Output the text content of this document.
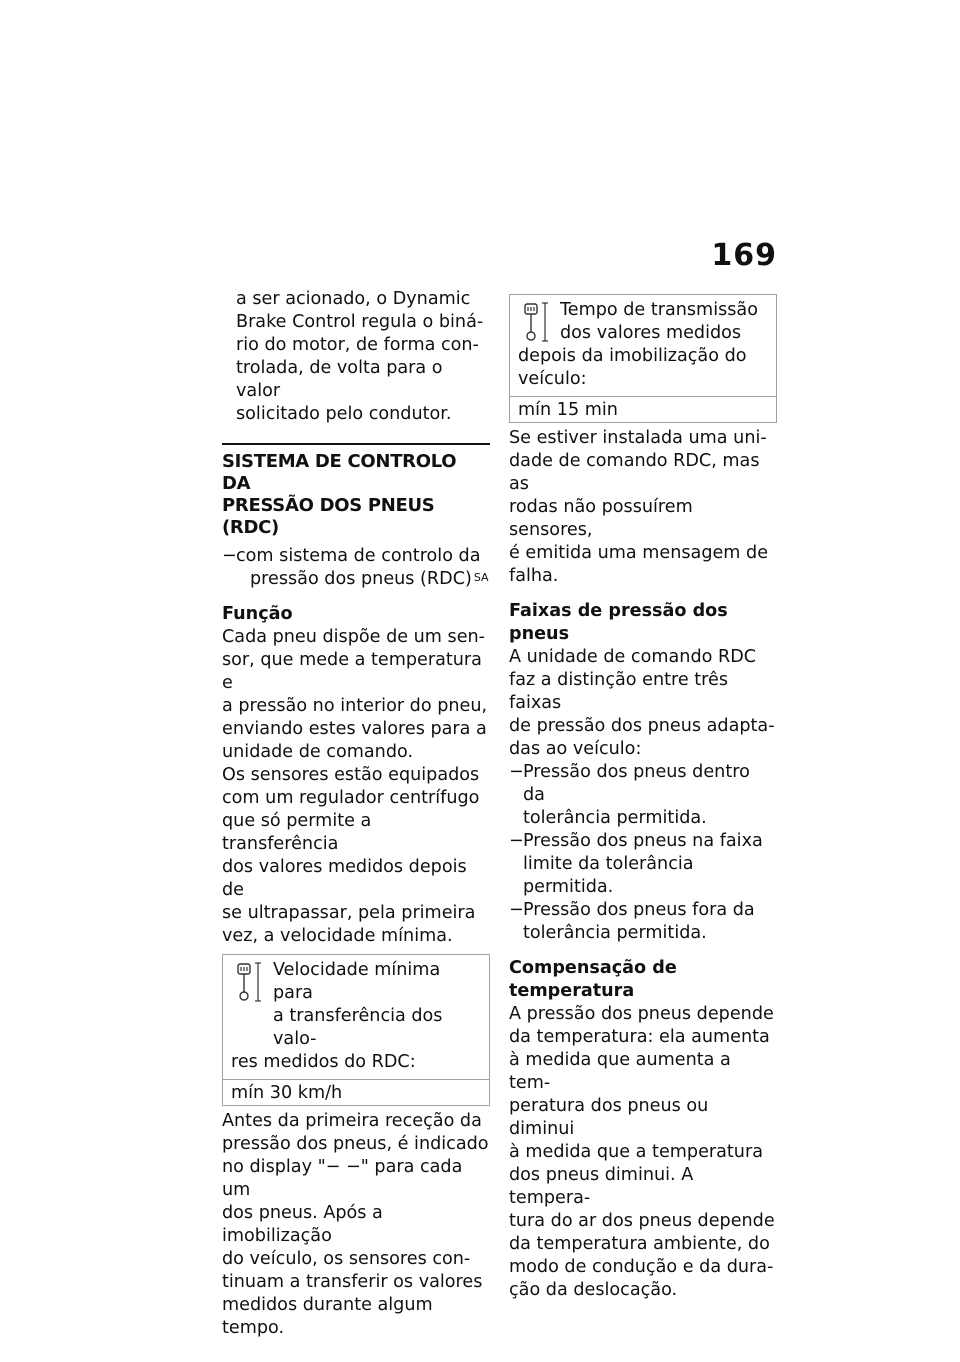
169
a ser acionado, o Dynamic
Brake Control regula o biná-
rio do motor, de forma con-
trolada, de volta para o valor
solicitado pelo condutor.
SISTEMA DE CONTROLO DA
PRESSÃO DOS PNEUS (RDC)
− com sistema de controlo da
pressão dos pneus (RDC) $^{SA}$
Função
Cada pneu dispõe de um sen-
sor, que mede a temperatura e
a pressão no interior do pneu,
enviando estes valores para a
unidade de comando.
Os sensores estão equipados
com um regulador centrífugo
que só permite a transferência
dos valores medidos depois de
se ultrapassar, pela primeira
vez, a velocidade mínima.
Velocidade mínima para
a transferência dos valo-
res medidos do RDC:
mín 30 km/h
Antes da primeira receção da
pressão dos pneus, é indicado
no display "− −" para cada um
dos pneus. Após a imobilização
do veículo, os sensores con-
tinuam a transferir os valores
medidos durante algum tempo.
Tempo de transmissão
dos valores medidos
depois da imobilização do
veículo:
mín 15 min
Se estiver instalada uma uni-
dade de comando RDC, mas as
rodas não possuírem sensores,
é emitida uma mensagem de
falha.
Faixas de pressão dos pneus
A unidade de comando RDC
faz a distinção entre três faixas
de pressão dos pneus adapta-
das ao veículo:
− Pressão dos pneus dentro da
tolerância permitida.
− Pressão dos pneus na faixa
limite da tolerância permitida.
− Pressão dos pneus fora da
tolerância permitida.
Compensação de temperatura
A pressão dos pneus depende
da temperatura: ela aumenta
à medida que aumenta a tem-
peratura dos pneus ou diminui
à medida que a temperatura
dos pneus diminui. A tempera-
tura do ar dos pneus depende
da temperatura ambiente, do
modo de condução e da dura-
ção da deslocação.
